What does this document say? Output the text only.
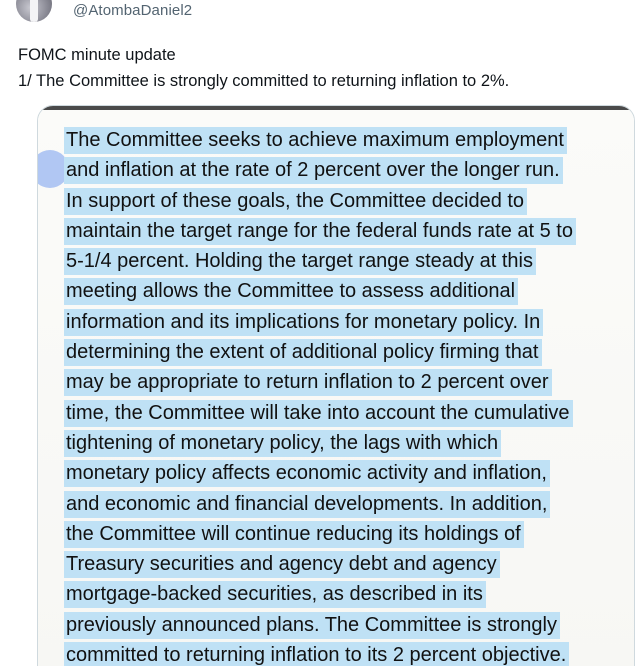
@AtombaDaniel2
FOMC minute update
1/ The Committee is strongly committed to returning inflation to 2%.
The Committee seeks to achieve maximum employment
and inflation at the rate of 2 percent over the longer run.
In support of these goals, the Committee decided to
maintain the target range for the federal funds rate at 5 to
5-1/4 percent. Holding the target range steady at this
meeting allows the Committee to assess additional
information and its implications for monetary policy. In
determining the extent of additional policy firming that
may be appropriate to return inflation to 2 percent over
time, the Committee will take into account the cumulative
tightening of monetary policy, the lags with which
monetary policy affects economic activity and inflation,
and economic and financial developments. In addition,
the Committee will continue reducing its holdings of
Treasury securities and agency debt and agency
mortgage-backed securities, as described in its
previously announced plans. The Committee is strongly
committed to returning inflation to its 2 percent objective.
